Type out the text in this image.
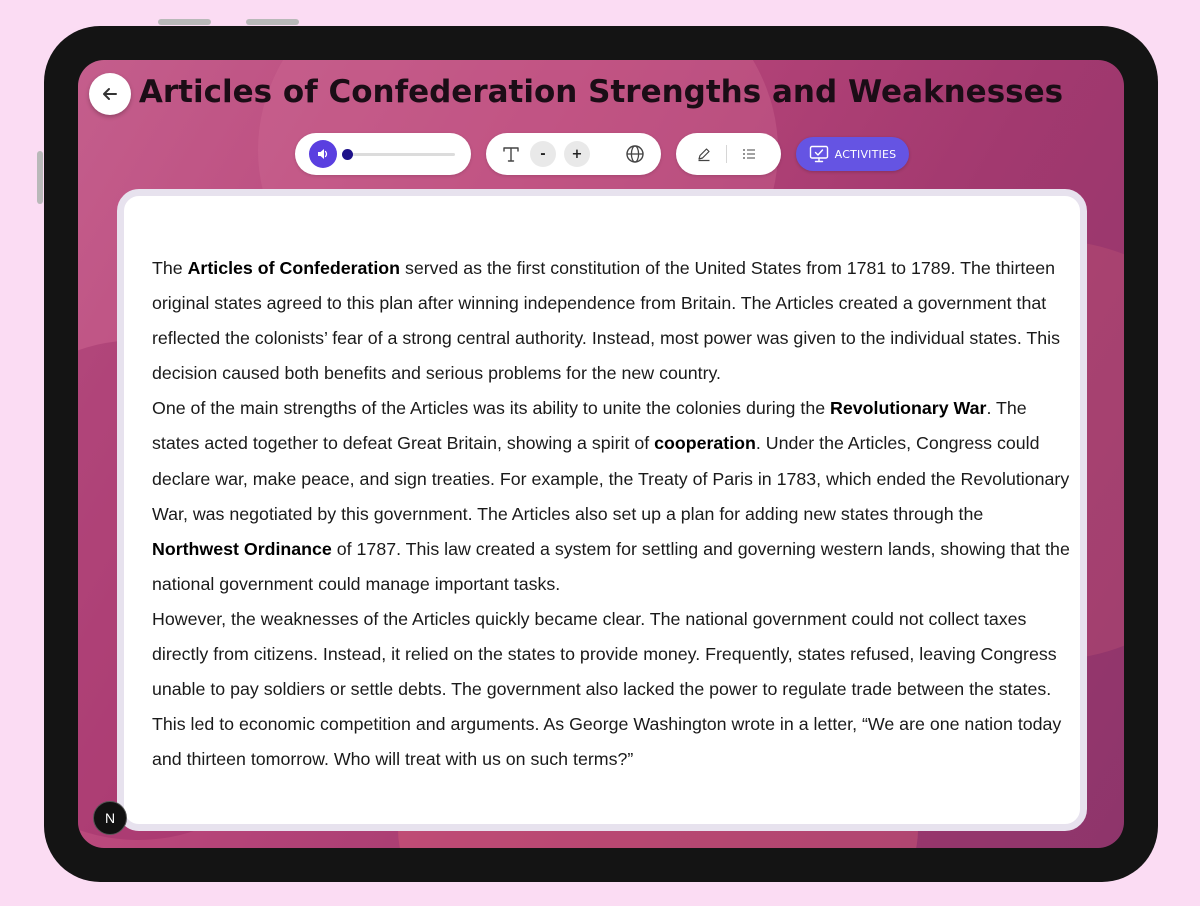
Articles of Confederation Strengths and Weaknesses
-	+	ACTIVITIES

The Articles of Confederation served as the first constitution of the United States from 1781 to 1789. The thirteen original states agreed to this plan after winning independence from Britain. The Articles created a government that reflected the colonists’ fear of a strong central authority. Instead, most power was given to the individual states. This decision caused both benefits and serious problems for the new country.

One of the main strengths of the Articles was its ability to unite the colonies during the Revolutionary War. The states acted together to defeat Great Britain, showing a spirit of cooperation. Under the Articles, Congress could declare war, make peace, and sign treaties. For example, the Treaty of Paris in 1783, which ended the Revolutionary War, was negotiated by this government. The Articles also set up a plan for adding new states through the Northwest Ordinance of 1787. This law created a system for settling and governing western lands, showing that the national government could manage important tasks.

However, the weaknesses of the Articles quickly became clear. The national government could not collect taxes directly from citizens. Instead, it relied on the states to provide money. Frequently, states refused, leaving Congress unable to pay soldiers or settle debts. The government also lacked the power to regulate trade between the states. This led to economic competition and arguments. As George Washington wrote in a letter, “We are one nation today and thirteen tomorrow. Who will treat with us on such terms?”

N
